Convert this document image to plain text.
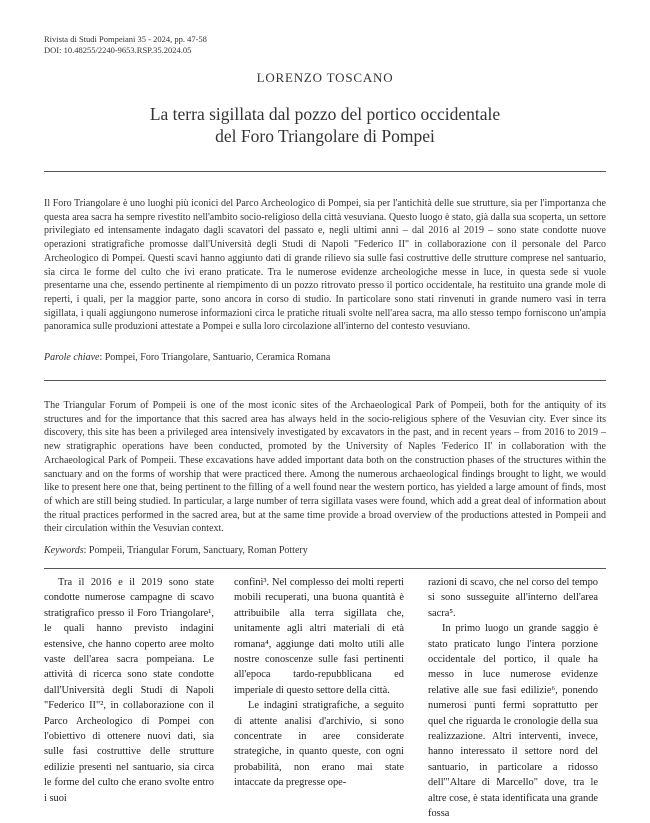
Rivista di Studi Pompeiani 35 - 2024, pp. 47-58
DOI: 10.48255/2240-9653.RSP.35.2024.05
LORENZO TOSCANO
La terra sigillata dal pozzo del portico occidentale
del Foro Triangolare di Pompei
Il Foro Triangolare è uno luoghi più iconici del Parco Archeologico di Pompei, sia per l'antichità delle sue strutture, sia per l'importanza che questa area sacra ha sempre rivestito nell'ambito socio-religioso della città vesuviana. Questo luogo è stato, già dalla sua scoperta, un settore privilegiato ed intensamente indagato dagli scavatori del passato e, negli ultimi anni – dal 2016 al 2019 – sono state condotte nuove operazioni stratigrafiche promosse dall'Università degli Studi di Napoli "Federico II" in collaborazione con il personale del Parco Archeologico di Pompei. Questi scavi hanno aggiunto dati di grande rilievo sia sulle fasi costruttive delle strutture comprese nel santuario, sia circa le forme del culto che ivi erano praticate. Tra le numerose evidenze archeologiche messe in luce, in questa sede si vuole presentarne una che, essendo pertinente al riempimento di un pozzo ritrovato presso il portico occidentale, ha restituito una grande mole di reperti, i quali, per la maggior parte, sono ancora in corso di studio. In particolare sono stati rinvenuti in grande numero vasi in terra sigillata, i quali aggiungono numerose informazioni circa le pratiche rituali svolte nell'area sacra, ma allo stesso tempo forniscono un'ampia panoramica sulle produzioni attestate a Pompei e sulla loro circolazione all'interno del contesto vesuviano.
Parole chiave: Pompei, Foro Triangolare, Santuario, Ceramica Romana
The Triangular Forum of Pompeii is one of the most iconic sites of the Archaeological Park of Pompeii, both for the antiquity of its structures and for the importance that this sacred area has always held in the socio-religious sphere of the Vesuvian city. Ever since its discovery, this site has been a privileged area intensively investigated by excavators in the past, and in recent years – from 2016 to 2019 – new stratigraphic operations have been conducted, promoted by the University of Naples 'Federico II' in collaboration with the Archaeological Park of Pompeii. These excavations have added important data both on the construction phases of the structures within the sanctuary and on the forms of worship that were practiced there. Among the numerous archaeological findings brought to light, we would like to present here one that, being pertinent to the filling of a well found near the western portico, has yielded a large amount of finds, most of which are still being studied. In particular, a large number of terra sigillata vases were found, which add a great deal of information about the ritual practices performed in the sacred area, but at the same time provide a broad overview of the productions attested in Pompeii and their circulation within the Vesuvian context.
Keywords: Pompeii, Triangular Forum, Sanctuary, Roman Pottery

Tra il 2016 e il 2019 sono state condotte numerose campagne di scavo stratigrafico presso il Foro Triangolare¹, le quali hanno previsto indagini estensive, che hanno coperto aree molto vaste dell'area sacra pompeiana. Le attività di ricerca sono state condotte dall'Università degli Studi di Napoli "Federico II"², in collaborazione con il Parco Archeologico di Pompei con l'obiettivo di ottenere nuovi dati, sia sulle fasi costruttive delle strutture edilizie presenti nel santuario, sia circa le forme del culto che erano svolte entro i suoi

confini³. Nel complesso dei molti reperti mobili recuperati, una buona quantità è attribuibile alla terra sigillata che, unitamente agli altri materiali di età romana⁴, aggiunge dati molto utili alle nostre conoscenze sulle fasi pertinenti all'epoca tardo-repubblicana ed imperiale di questo settore della città.

Le indagini stratigrafiche, a seguito di attente analisi d'archivio, si sono concentrate in aree considerate strategiche, in quanto queste, con ogni probabilità, non erano mai state intaccate da pregresse ope-

razioni di scavo, che nel corso del tempo si sono susseguite all'interno dell'area sacra⁵.

In primo luogo un grande saggio è stato praticato lungo l'intera porzione occidentale del portico, il quale ha messo in luce numerose evidenze relative alle sue fasi edilizie⁶, ponendo numerosi punti fermi soprattutto per quel che riguarda le cronologie della sua realizzazione. Altri interventi, invece, hanno interessato il settore nord del santuario, in particolare a ridosso dell'"Altare di Marcello" dove, tra le altre cose, è stata identificata una grande fossa
